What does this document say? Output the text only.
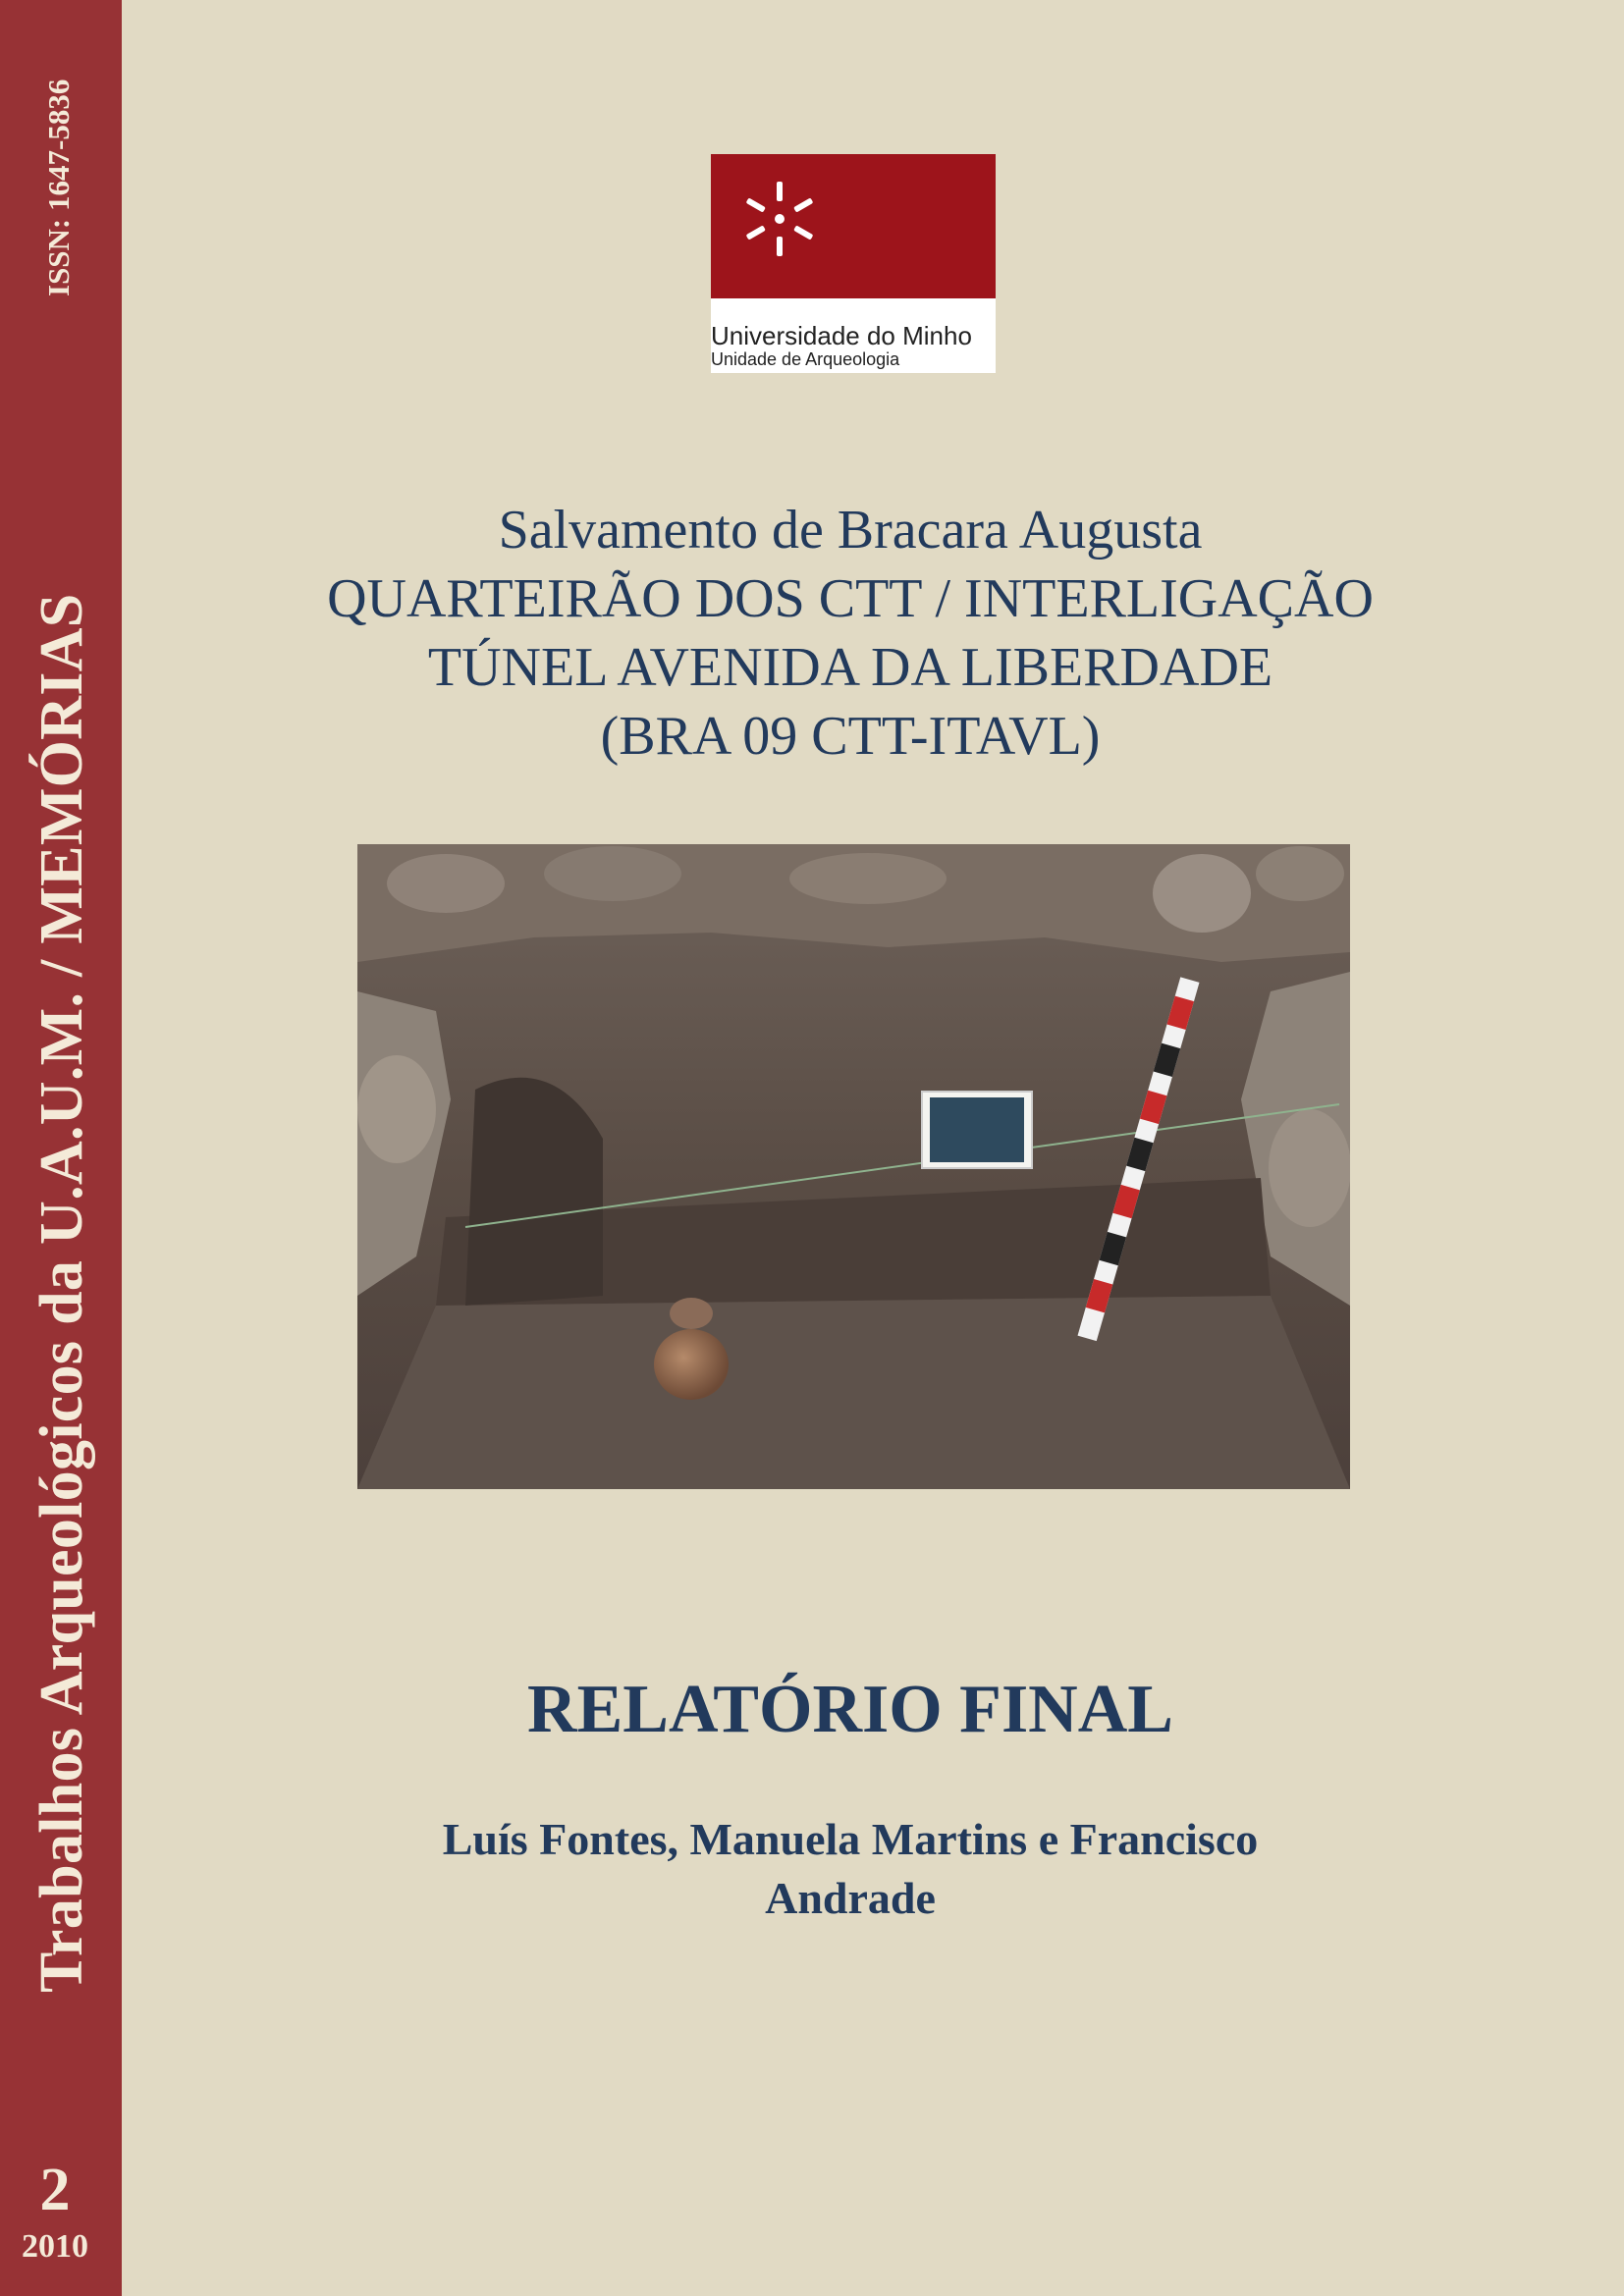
ISSN: 1647-5836
Trabalhos Arqueológicos da U.A.U.M. / MEMÓRIAS
2
2010
Universidade do Minho
Unidade de Arqueologia
Salvamento de Bracara Augusta
QUARTEIRÃO DOS CTT / INTERLIGAÇÃO
TÚNEL AVENIDA DA LIBERDADE
(BRA 09 CTT-ITAVL)
RELATÓRIO FINAL
Luís Fontes, Manuela Martins e Francisco
Andrade
